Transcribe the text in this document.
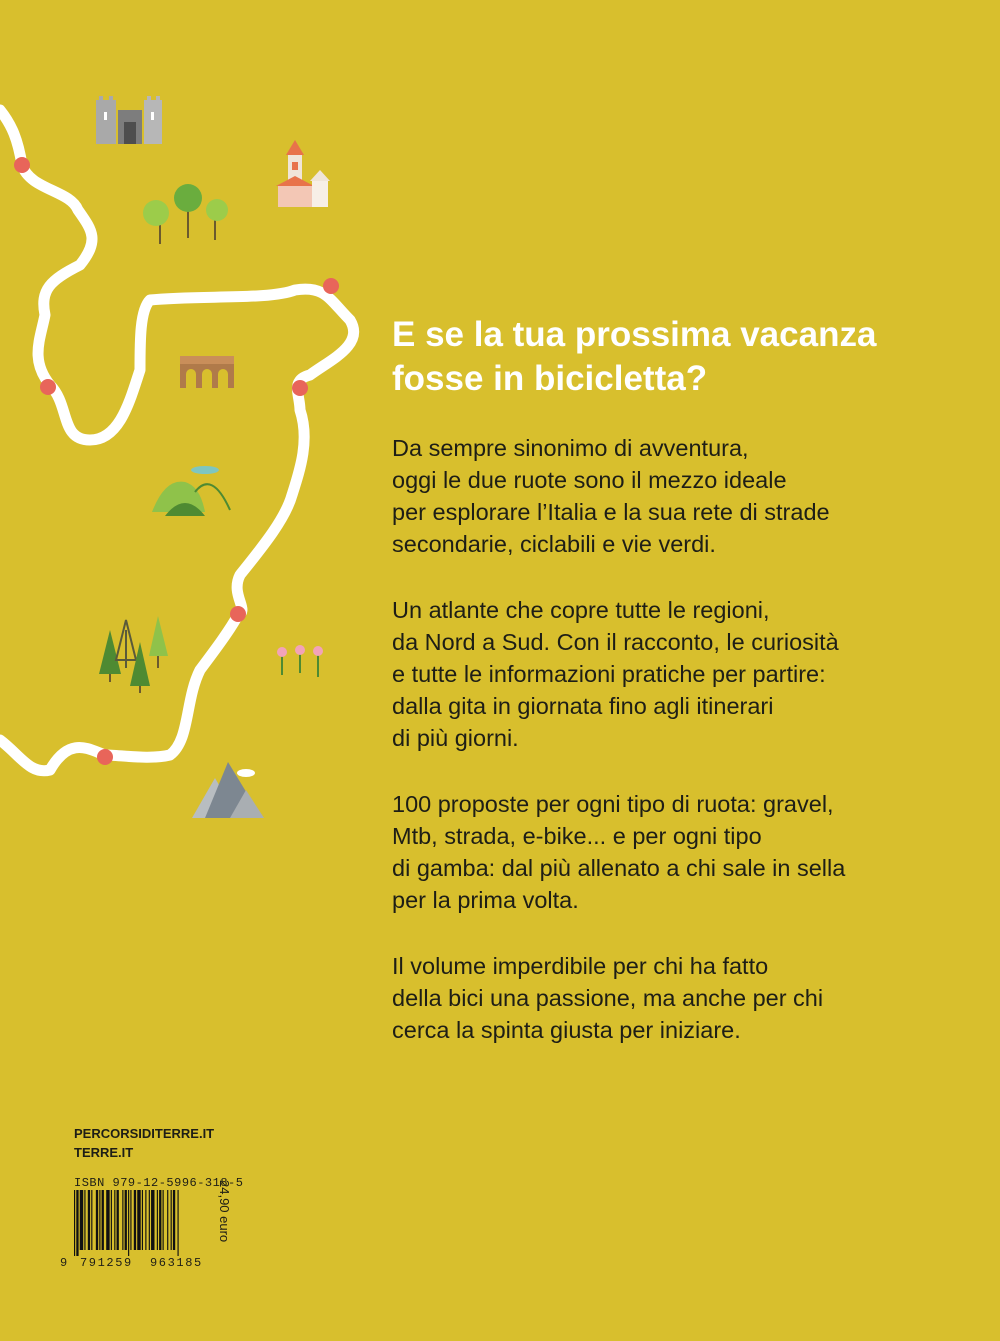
E se la tua prossima vacanza
fosse in bicicletta?

Da sempre sinonimo di avventura,
oggi le due ruote sono il mezzo ideale
per esplorare l’Italia e la sua rete di strade
secondarie, ciclabili e vie verdi.

Un atlante che copre tutte le regioni,
da Nord a Sud. Con il racconto, le curiosità
e tutte le informazioni pratiche per partire:
dalla gita in giornata fino agli itinerari
di più giorni.

100 proposte per ogni tipo di ruota: gravel,
Mtb, strada, e-bike... e per ogni tipo
di gamba: dal più allenato a chi sale in sella
per la prima volta.

Il volume imperdibile per chi ha fatto
della bici una passione, ma anche per chi
cerca la spinta giusta per iniziare.

PERCORSIDITERRE.IT
TERRE.IT
ISBN 979-12-5996-318-5
9 791259 963185
24,90 euro
